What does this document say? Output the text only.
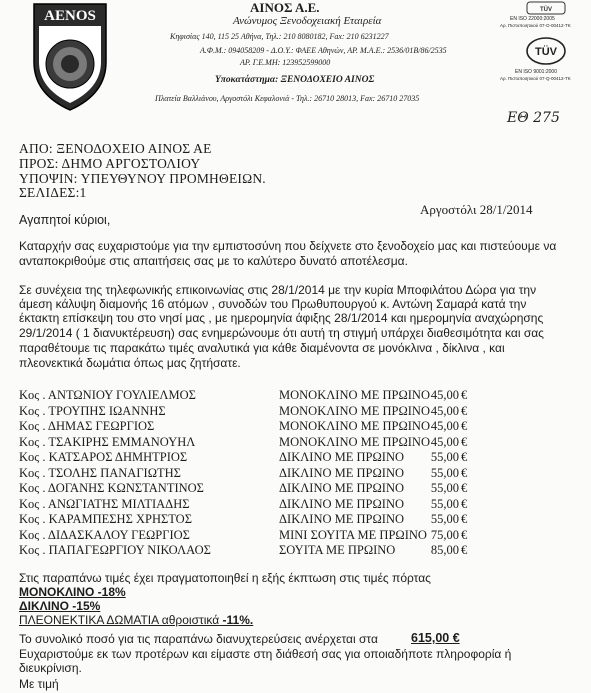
AENOS
ΑΙΝΟΣ Α.Ε.
Ανώνυμος Ξενοδοχειακή Εταιρεία
Κηφισίας 140, 115 25 Αθήνα, Τηλ.: 210 8080182, Fax: 210 6231227
Α.Φ.Μ.: 094058209 - Δ.Ο.Υ.: ΦΑΕΕ Αθηνών, ΑΡ. Μ.Α.Ε.: 2536/01Β/86/2535
ΑΡ. Γ.Ε.ΜΗ: 123952599000
Υποκατάστημα: ΞΕΝΟΔΟΧΕΙΟ ΑΙΝΟΣ
Πλατεία Βαλλιάνου, Αργοστόλι Κεφαλονιά - Τηλ.: 26710 28013, Fax: 26710 27035
TÜV
EN ISO 22000:2005
Αρ. Πιστοποιητικού 07-Ο-00412-ΤΚ
TÜV
EN ISO 9001:2000
Αρ. Πιστοποιητικού 07-Q-00412-ΤΚ
ΕΘ 275
ΑΠΟ: ΞΕΝΟΔΟΧΕΙΟ ΑΙΝΟΣ ΑΕ
ΠΡΟΣ: ΔΗΜΟ ΑΡΓΟΣΤΟΛΙΟΥ
ΥΠΟΨΙΝ: ΥΠΕΥΘΥΝΟΥ ΠΡΟΜΗΘΕΙΩΝ.
ΣΕΛΙΔΕΣ:1
Αργοστόλι 28/1/2014
Αγαπητοί κύριοι,
Καταρχήν σας ευχαριστούμε για την εμπιστοσύνη που δείχνετε στο ξενοδοχείο μας και πιστεύουμε να
ανταποκριθούμε στις απαιτήσεις σας με το καλύτερο δυνατό αποτέλεσμα.
Σε συνέχεια της τηλεφωνικής επικοινωνίας στις 28/1/2014 με την κυρία Μποφιλάτου Δώρα για την
άμεση κάλυψη διαμονής 16 ατόμων , συνοδών του Πρωθυπουργού κ. Αντώνη Σαμαρά κατά την
έκτακτη επίσκεψη του στο νησί μας , με ημερομηνία άφιξης 28/1/2014 και ημερομηνία αναχώρησης
29/1/2014 ( 1 διανυκτέρευση) σας ενημερώνουμε ότι αυτή τη στιγμή υπάρχει διαθεσιμότητα και σας
παραθέτουμε τις παρακάτω τιμές αναλυτικά για κάθε διαμένοντα σε μονόκλινα , δίκλινα , και
πλεονεκτικά δωμάτια όπως μας ζητήσατε.
Κος . ΑΝΤΩΝΙΟΥ ΓΟΥΛΙΕΛΜΟΣ	ΜΟΝΟΚΛΙΝΟ ΜΕ ΠΡΩΙΝΟ 45,00 €
Κος . ΤΡΟΥΠΗΣ ΙΩΑΝΝΗΣ	ΜΟΝΟΚΛΙΝΟ ΜΕ ΠΡΩΙΝΟ 45,00 €
Κος . ΔΗΜΑΣ ΓΕΩΡΓΙΟΣ	ΜΟΝΟΚΛΙΝΟ ΜΕ ΠΡΩΙΝΟ 45,00 €
Κος . ΤΣΑΚΙΡΗΣ ΕΜΜΑΝΟΥΗΛ	ΜΟΝΟΚΛΙΝΟ ΜΕ ΠΡΩΙΝΟ 45,00 €
Κος . ΚΑΤΣΑΡΟΣ ΔΗΜΗΤΡΙΟΣ	ΔΙΚΛΙΝΟ ΜΕ ΠΡΩΙΝΟ	55,00 €
Κος . ΤΣΟΛΗΣ ΠΑΝΑΓΙΩΤΗΣ	ΔΙΚΛΙΝΟ ΜΕ ΠΡΩΙΝΟ	55,00 €
Κος . ΔΟΓΑΝΗΣ ΚΩΝΣΤΑΝΤΙΝΟΣ	ΔΙΚΛΙΝΟ ΜΕ ΠΡΩΙΝΟ	55,00 €
Κος . ΑΝΩΓΙΑΤΗΣ ΜΙΛΤΙΑΔΗΣ	ΔΙΚΛΙΝΟ ΜΕ ΠΡΩΙΝΟ	55,00 €
Κος . ΚΑΡΑΜΠΕΣΗΣ ΧΡΗΣΤΟΣ	ΔΙΚΛΙΝΟ ΜΕ ΠΡΩΙΝΟ	55,00 €
Κος . ΔΙΔΑΣΚΑΛΟΥ ΓΕΩΡΓΙΟΣ	ΜΙΝΙ ΣΟΥΙΤΑ ΜΕ ΠΡΩΙΝΟ 75,00 €
Κος . ΠΑΠΑΓΕΩΡΓΙΟΥ ΝΙΚΟΛΑΟΣ	ΣΟΥΙΤΑ ΜΕ ΠΡΩΙΝΟ	85,00 €
Στις παραπάνω τιμές έχει πραγματοποιηθεί η εξής έκπτωση στις τιμές πόρτας
ΜΟΝΟΚΛΙΝΟ -18%
ΔΙΚΛΙΝΟ -15%
ΠΛΕΟΝΕΚΤΙΚΑ ΔΩΜΑΤΙΑ αθροιστικά -11%.
Το συνολικό ποσό για τις παραπάνω διανυχτερεύσεις ανέρχεται στα	615,00 €
Ευχαριστούμε εκ των προτέρων και είμαστε στη διάθεσή σας για οποιαδήποτε πληροφορία ή
διευκρίνιση.
Με τιμή
